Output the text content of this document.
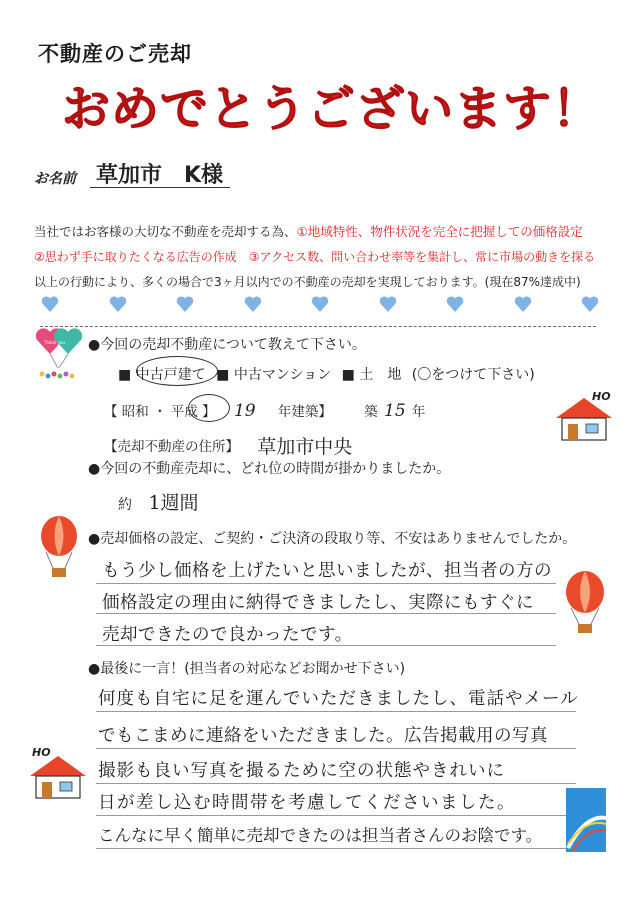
不動産のご売却
おめでとうございます！
お名前 草加市　K様
当社ではお客様の大切な不動産を売却する為、①地域特性、物件状況を完全に把握しての価格設定
②思わず手に取りたくなる広告の作成　③アクセス数、問い合わせ率等を集計し、常に市場の動きを探る
以上の行動により、多くの場合で3ヶ月以内での不動産の売却を実現しております。(現在87%達成中)
Thank you ●今回の売却不動産について教えて下さい。
■ 中古戸建て ■ 中古マンション ■ 土　地 (〇をつけて下さい)
【 昭和 ・ 平成 】 19 年建築】 築 15 年
【売却不動産の住所】 草加市中央
HO
●今回の不動産売却に、どれ位の時間が掛かりましたか。
約 1週間
●売却価格の設定、ご契約・ご決済の段取り等、不安はありませんでしたか。
もう少し価格を上げたいと思いましたが、担当者の方の
価格設定の理由に納得できましたし、実際にもすぐに
売却できたので良かったです。
●最後に一言！(担当者の対応などお聞かせ下さい)
何度も自宅に足を運んでいただきましたし、電話やメール
でもこまめに連絡をいただきました。広告掲載用の写真
撮影も良い写真を撮るために空の状態やきれいに
日が差し込む時間帯を考慮してくださいました。
こんなに早く簡単に売却できたのは担当者さんのお陰です。
HO
